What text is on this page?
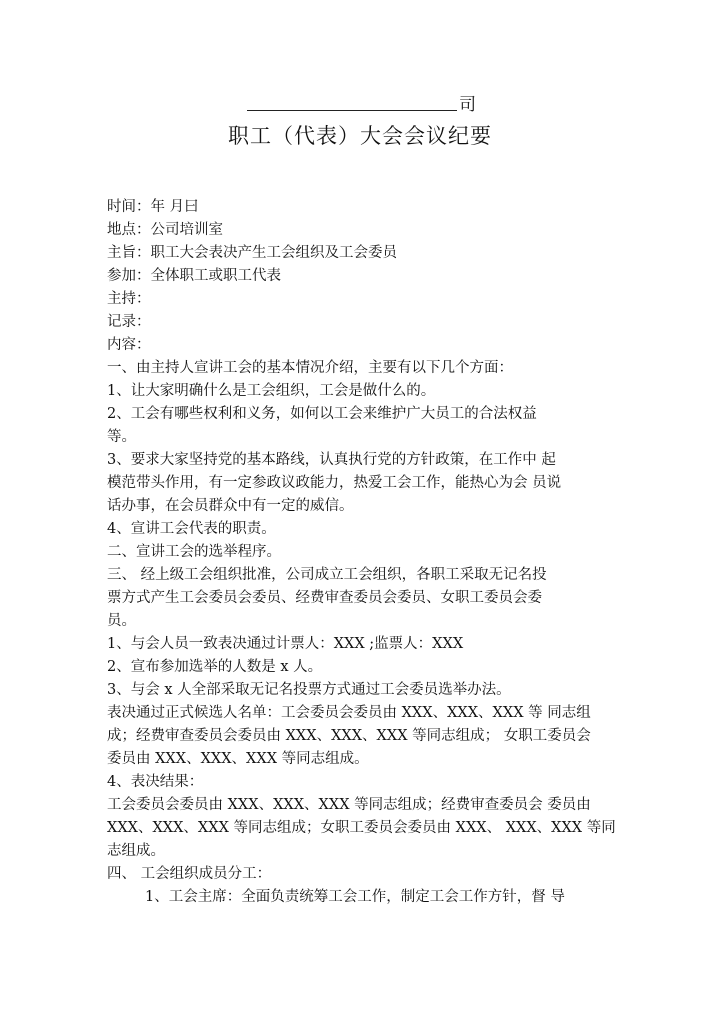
司
职工（代表）大会会议纪要
时间：年 月曰
地点：公司培训室
主旨：职工大会表决产生工会组织及工会委员
参加：全体职工或职工代表
主持：
记录：
内容：
一、由主持人宣讲工会的基本情况介绍，主要有以下几个方面：
1、让大家明确什么是工会组织，工会是做什么的。
2、工会有哪些权利和义务，如何以工会来维护广大员工的合法权益
等。
3、要求大家坚持党的基本路线，认真执行党的方针政策，在工作中 起
模范带头作用，有一定参政议政能力，热爱工会工作，能热心为会 员说
话办事，在会员群众中有一定的威信。
4、宣讲工会代表的职责。
二、宣讲工会的选举程序。
三、 经上级工会组织批准，公司成立工会组织，各职工采取无记名投
票方式产生工会委员会委员、经费审查委员会委员、女职工委员会委
员。
1、与会人员一致表决通过计票人：XXX ;监票人：XXX
2、宣布参加选举的人数是 x 人。
3、与会 x 人全部采取无记名投票方式通过工会委员选举办法。
表决通过正式候选人名单：工会委员会委员由 XXX、XXX、XXX 等 同志组
成；经费审查委员会委员由 XXX、XXX、XXX 等同志组成； 女职工委员会
委员由 XXX、XXX、XXX 等同志组成。
4、表决结果：
工会委员会委员由 XXX、XXX、XXX 等同志组成；经费审查委员会 委员由
XXX、XXX、XXX 等同志组成；女职工委员会委员由 XXX、 XXX、XXX 等同
志组成。
四、 工会组织成员分工：
1、工会主席：全面负责统筹工会工作，制定工会工作方针，督 导
